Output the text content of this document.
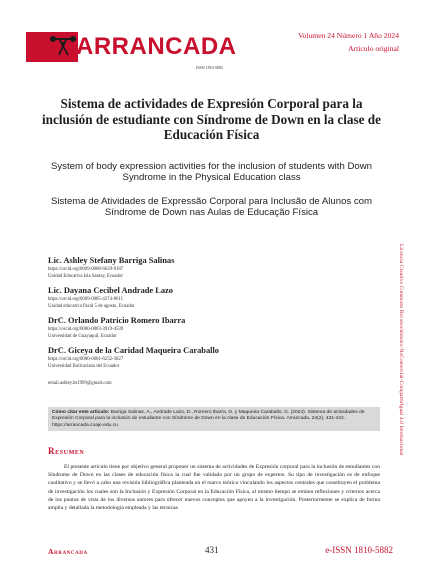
ARRANCADA
ISSN 1810-5882
Volumen 24 Número 1 Año 2024
Artículo original
Sistema de actividades de Expresión Corporal para la inclusión de estudiante con Síndrome de Down en la clase de Educación Física
System of body expression activities for the inclusion of students with Down Syndrome in the Physical Education class
Sistema de Atividades de Expressão Corporal para Inclusão de Alunos com Síndrome de Down nas Aulas de Educação Física
Lic. Ashley Stefany Barriga Salinas
https://orcid.org/0009-0008-6629-9187
Unidad Educativa Isla Santay, Ecuador
Lic. Dayana Cecibel Andrade Lazo
https://orcid.org/0009-0005-4274-8611
Unidad educativa fiscal 5 de agosto, Ecuador
DrC. Orlando Patricio Romero Ibarra
https://orcid.org/0000-0003-3919-4539
Universidad de Guayaquil, Ecuador
DrC. Giceya de la Caridad Maqueira Caraballo
https://orcid.org/0000-0001-6232-3027
Universidad Bolivariana del Ecuador
email.ashley.bs1999@gmail.com
Cómo citar este artículo: Barriga Salinas, A., Andrade Lazo, D., Romero Ibarra, O. y Maqueira Caraballo, G. (2024). Sistema de actividades de Expresión Corporal para la inclusión de estudiante con Síndrome de Down en la clase de Educación Física. Arrancada, 24(2), 431-442. https://arrancada.cuaje.edu.cu
Resumen
El presente artículo tiene por objetivo general proponer un sistema de actividades de Expresión corporal para la inclusión de estudiantes con Síndrome de Down en las clases de educación física la cual fue validada por un grupo de expertos. Su tipo de investigación es de enfoque cualitativo y se llevó a cabo una revisión bibliográfica planteada en el marco teórico vinculando los aspectos centrales que constituyen el problema de investigación los cuales son la Inclusión y Expresión Corporal en la Educación Física, al mismo tiempo se emiten reflexiones y criterios acerca de los puntos de vista de los diversos autores para ofrecer nuevos conceptos que apoyen a la investigación. Posteriormente se explica de forma amplia y detallada la metodología empleada y las técnicas
Licencia Creative Commons Reconocimiento-NoComercial-CompartirIgual 4.0 Internacional
Arrancada	431	e-ISSN 1810-5882
